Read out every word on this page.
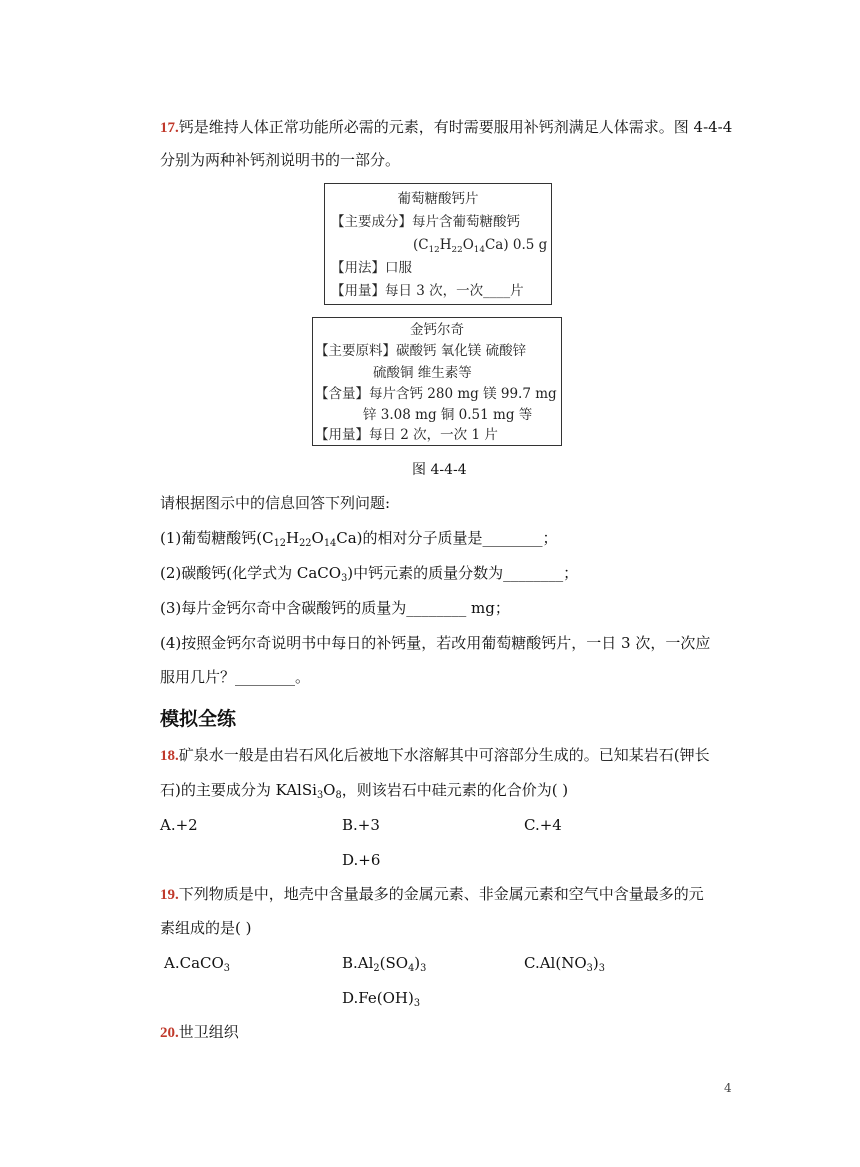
17.钙是维持人体正常功能所必需的元素，有时需要服用补钙剂满足人体需求。图 4-4-4
分别为两种补钙剂说明书的一部分。
葡萄糖酸钙片
【主要成分】每片含葡萄糖酸钙
$(C_{12}H_{22}O_{14}Ca)$ 0.5 g
【用法】口服
【用量】每日 3 次，一次____片
金钙尔奇
【主要原料】碳酸钙 氧化镁 硫酸锌
硫酸铜 维生素等
【含量】每片含钙 280 mg 镁 99.7 mg
锌 3.08 mg 铜 0.51 mg 等
【用量】每日 2 次，一次 1 片
图 4-4-4
请根据图示中的信息回答下列问题:
(1)葡萄糖酸钙$(C_{12}H_{22}O_{14}Ca)$的相对分子质量是________；
(2)碳酸钙(化学式为 CaCO$_3$)中钙元素的质量分数为________；
(3)每片金钙尔奇中含碳酸钙的质量为________ mg；
(4)按照金钙尔奇说明书中每日的补钙量，若改用葡萄糖酸钙片，一日 3 次，一次应
服用几片？________。
模拟全练
18.矿泉水一般是由岩石风化后被地下水溶解其中可溶部分生成的。已知某岩石(钾长
石)的主要成分为 $KAlSi_3O_8$，则该岩石中硅元素的化合价为( )
A.+2	B.+3	C.+4
D.+6
19.下列物质是中，地壳中含量最多的金属元素、非金属元素和空气中含量最多的元
素组成的是( )
A.CaCO$_3$	$B.Al_2(SO_4)_3$	$C.Al(NO_3)_3$
$D.Fe(OH)_3$
20.世卫组织
4
